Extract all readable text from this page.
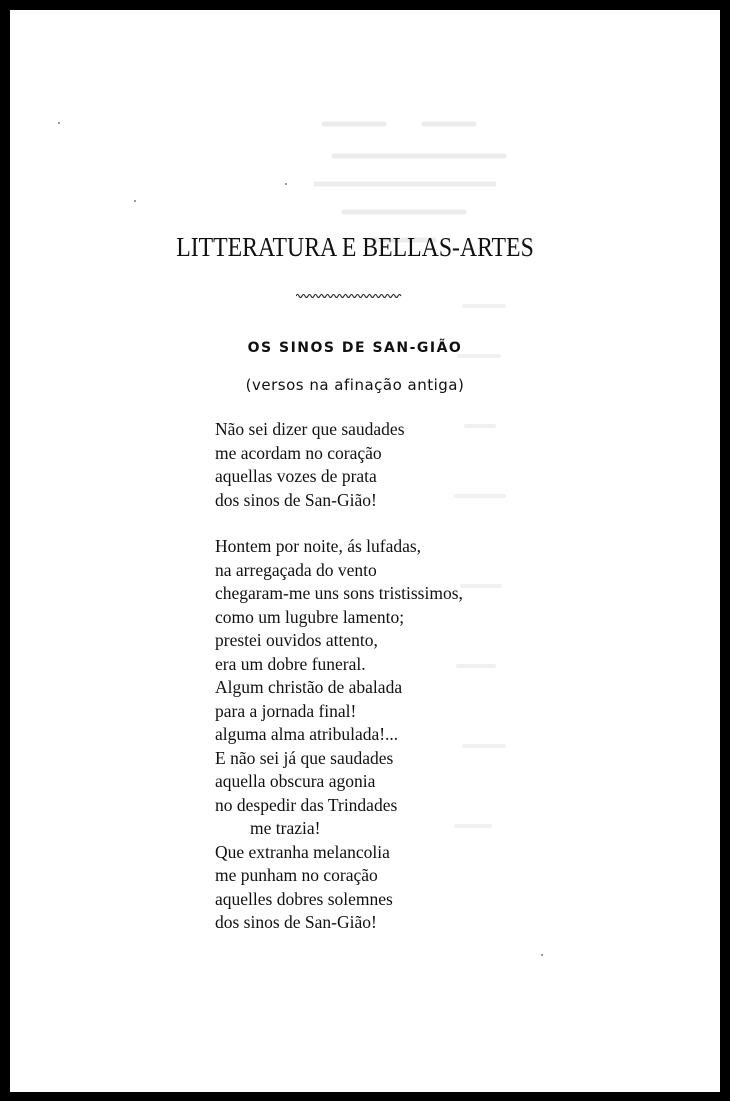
LITTERATURA E BELLAS-ARTES
OS SINOS DE SAN-GIÃO
(versos na afinação antiga)
Não sei dizer que saudades
me acordam no coração
aquellas vozes de prata
dos sinos de San-Gião!
Hontem por noite, ás lufadas,
na arregaçada do vento
chegaram-me uns sons tristissimos,
como um lugubre lamento;
prestei ouvidos attento,
era um dobre funeral.
Algum christão de abalada
para a jornada final!
alguma alma atribulada!...
E não sei já que saudades
aquella obscura agonia
no despedir das Trindades
me trazia!
Que extranha melancolia
me punham no coração
aquelles dobres solemnes
dos sinos de San-Gião!
